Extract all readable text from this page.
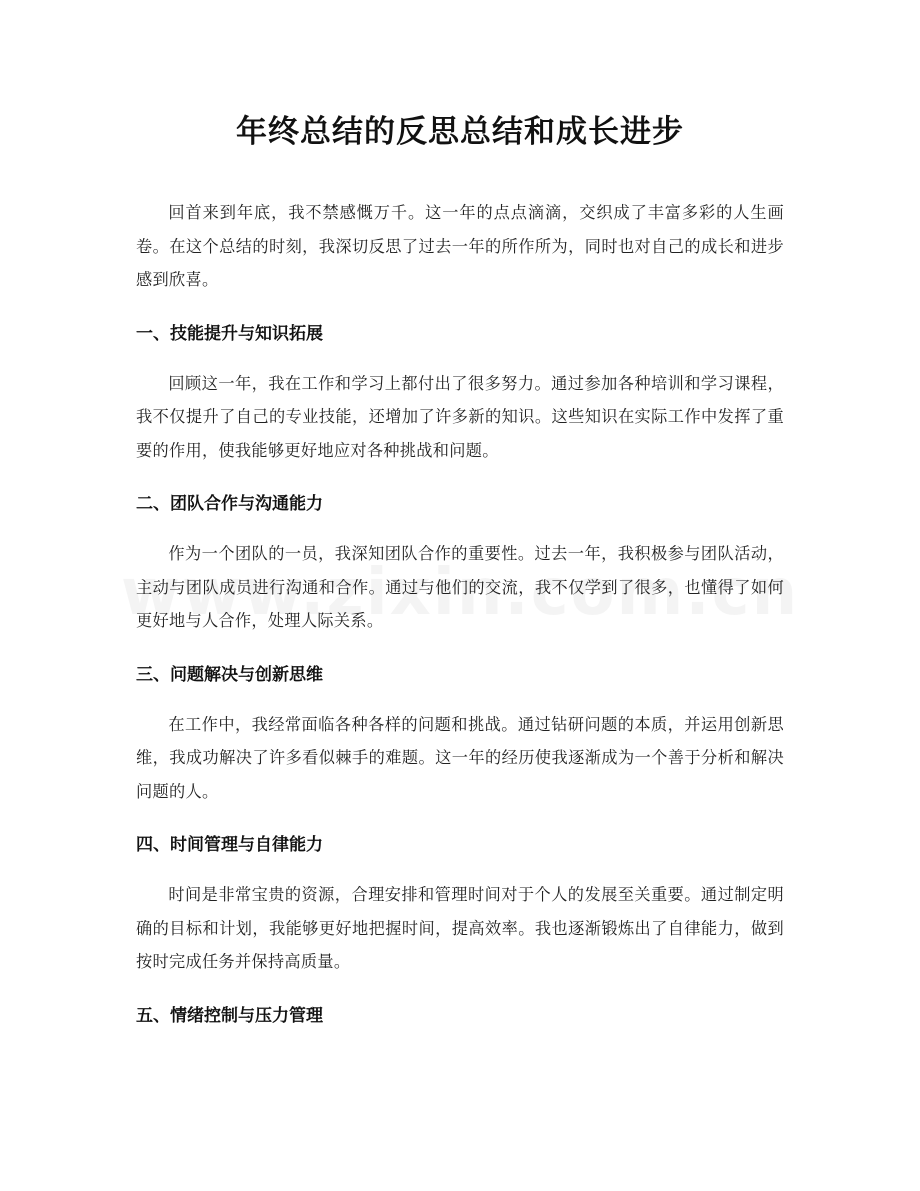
年终总结的反思总结和成长进步

回首来到年底，我不禁感慨万千。这一年的点点滴滴，交织成了丰富多彩的人生画卷。在这个总结的时刻，我深切反思了过去一年的所作所为，同时也对自己的成长和进步感到欣喜。

一、技能提升与知识拓展

回顾这一年，我在工作和学习上都付出了很多努力。通过参加各种培训和学习课程，我不仅提升了自己的专业技能，还增加了许多新的知识。这些知识在实际工作中发挥了重要的作用，使我能够更好地应对各种挑战和问题。

二、团队合作与沟通能力

作为一个团队的一员，我深知团队合作的重要性。过去一年，我积极参与团队活动，主动与团队成员进行沟通和合作。通过与他们的交流，我不仅学到了很多，也懂得了如何更好地与人合作，处理人际关系。

三、问题解决与创新思维

在工作中，我经常面临各种各样的问题和挑战。通过钻研问题的本质，并运用创新思维，我成功解决了许多看似棘手的难题。这一年的经历使我逐渐成为一个善于分析和解决问题的人。

四、时间管理与自律能力

时间是非常宝贵的资源，合理安排和管理时间对于个人的发展至关重要。通过制定明确的目标和计划，我能够更好地把握时间，提高效率。我也逐渐锻炼出了自律能力，做到按时完成任务并保持高质量。

五、情绪控制与压力管理
